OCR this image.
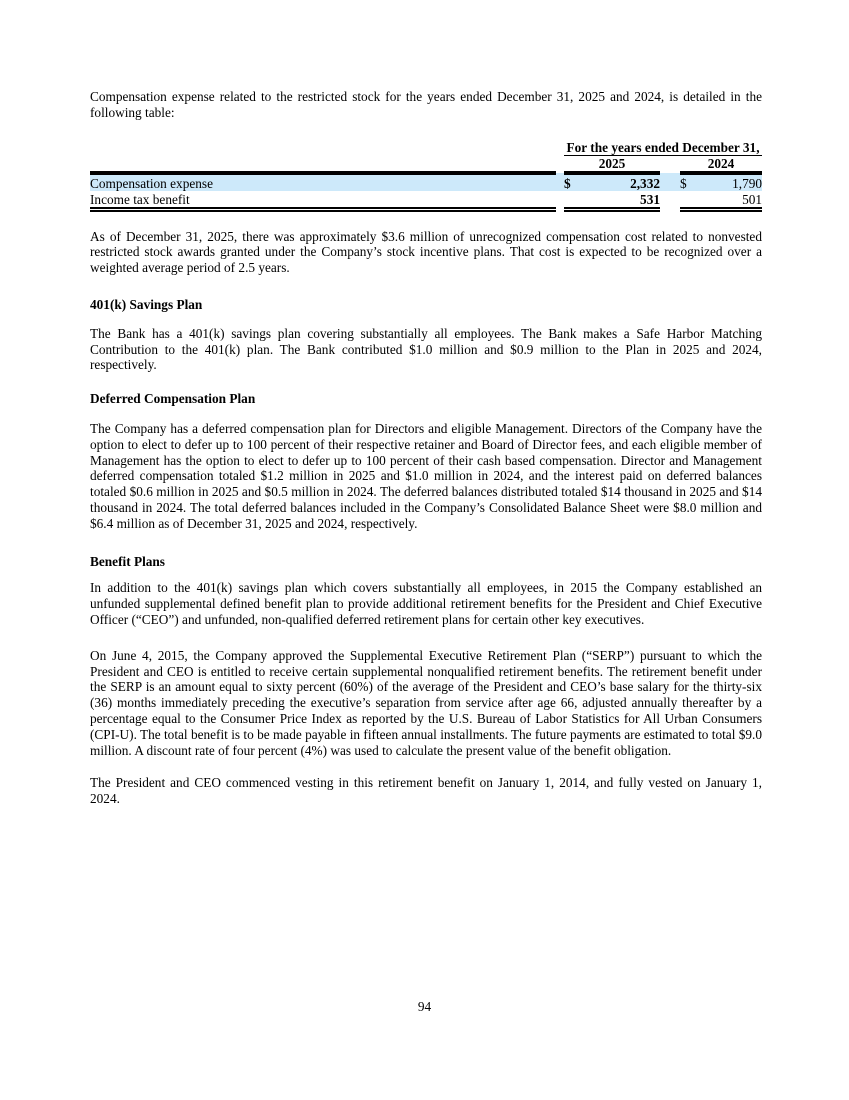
Compensation expense related to the restricted stock for the years ended December 31, 2025 and 2024, is detailed in the following table:

		For the years ended December 31,				
		2025			2024	
Compensation expense		$	2,332		$	1,790
Income tax benefit			531			501

As of December 31, 2025, there was approximately $3.6 million of unrecognized compensation cost related to nonvested restricted stock awards granted under the Company’s stock incentive plans. That cost is expected to be recognized over a weighted average period of 2.5 years.

401(k) Savings Plan

The Bank has a 401(k) savings plan covering substantially all employees. The Bank makes a Safe Harbor Matching Contribution to the 401(k) plan. The Bank contributed $1.0 million and $0.9 million to the Plan in 2025 and 2024, respectively.

Deferred Compensation Plan

The Company has a deferred compensation plan for Directors and eligible Management. Directors of the Company have the option to elect to defer up to 100 percent of their respective retainer and Board of Director fees, and each eligible member of Management has the option to elect to defer up to 100 percent of their cash based compensation. Director and Management deferred compensation totaled $1.2 million in 2025 and $1.0 million in 2024, and the interest paid on deferred balances totaled $0.6 million in 2025 and $0.5 million in 2024. The deferred balances distributed totaled $14 thousand in 2025 and $14 thousand in 2024. The total deferred balances included in the Company’s Consolidated Balance Sheet were $8.0 million and $6.4 million as of December 31, 2025 and 2024, respectively.

Benefit Plans

In addition to the 401(k) savings plan which covers substantially all employees, in 2015 the Company established an unfunded supplemental defined benefit plan to provide additional retirement benefits for the President and Chief Executive Officer (“CEO”) and unfunded, non-qualified deferred retirement plans for certain other key executives.

On June 4, 2015, the Company approved the Supplemental Executive Retirement Plan (“SERP”) pursuant to which the President and CEO is entitled to receive certain supplemental nonqualified retirement benefits. The retirement benefit under the SERP is an amount equal to sixty percent (60%) of the average of the President and CEO’s base salary for the thirty-six (36) months immediately preceding the executive’s separation from service after age 66, adjusted annually thereafter by a percentage equal to the Consumer Price Index as reported by the U.S. Bureau of Labor Statistics for All Urban Consumers (CPI-U). The total benefit is to be made payable in fifteen annual installments. The future payments are estimated to total $9.0 million. A discount rate of four percent (4%) was used to calculate the present value of the benefit obligation.

The President and CEO commenced vesting in this retirement benefit on January 1, 2014, and fully vested on January 1, 2024.

94
